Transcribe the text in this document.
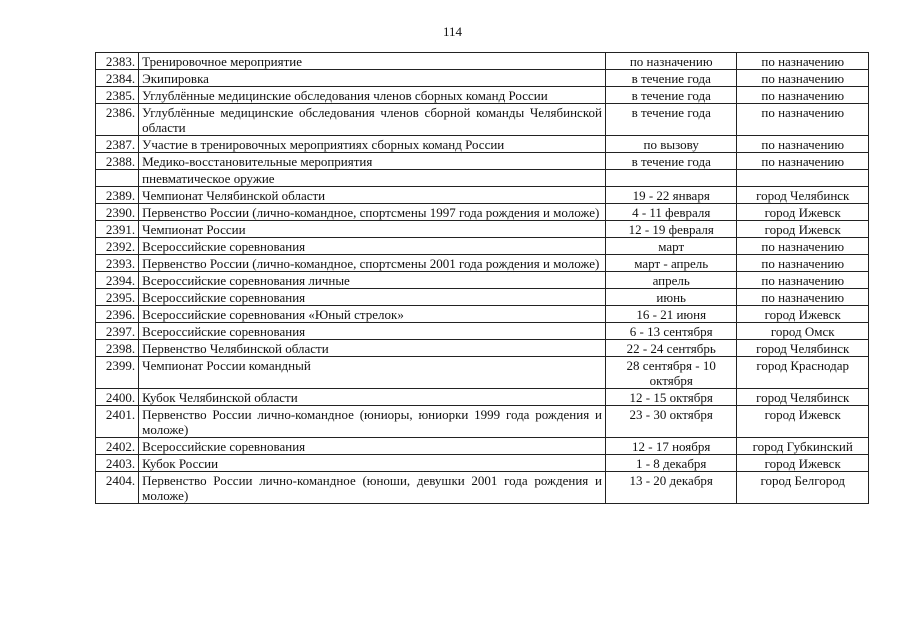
114
2383.	Тренировочное мероприятие	по назначению	по назначению
2384.	Экипировка	в течение года	по назначению
2385.	Углублённые медицинские обследования членов сборных команд России	в течение года	по назначению
2386.	Углублённые медицинские обследования членов сборной команды Челябинской области	в течение года	по назначению
2387.	Участие в тренировочных мероприятиях сборных команд России	по вызову	по назначению
2388.	Медико-восстановительные мероприятия	в течение года	по назначению
	пневматическое оружие		
2389.	Чемпионат Челябинской области	19 - 22 января	город Челябинск
2390.	Первенство России (лично-командное, спортсмены 1997 года рождения и моложе)	4 - 11 февраля	город Ижевск
2391.	Чемпионат России	12 - 19 февраля	город Ижевск
2392.	Всероссийские соревнования	март	по назначению
2393.	Первенство России (лично-командное, спортсмены 2001 года рождения и моложе)	март - апрель	по назначению
2394.	Всероссийские соревнования личные	апрель	по назначению
2395.	Всероссийские соревнования	июнь	по назначению
2396.	Всероссийские соревнования «Юный стрелок»	16 - 21 июня	город Ижевск
2397.	Всероссийские соревнования	6 - 13 сентября	город Омск
2398.	Первенство Челябинской области	22 - 24 сентябрь	город Челябинск
2399.	Чемпионат России командный	28 сентября - 10 октября	город Краснодар
2400.	Кубок Челябинской области	12 - 15 октября	город Челябинск
2401.	Первенство России лично-командное (юниоры, юниорки 1999 года рождения и моложе)	23 - 30 октября	город Ижевск
2402.	Всероссийские соревнования	12 - 17 ноября	город Губкинский
2403.	Кубок России	1 - 8 декабря	город Ижевск
2404.	Первенство России лично-командное (юноши, девушки 2001 года рождения и моложе)	13 - 20 декабря	город Белгород
